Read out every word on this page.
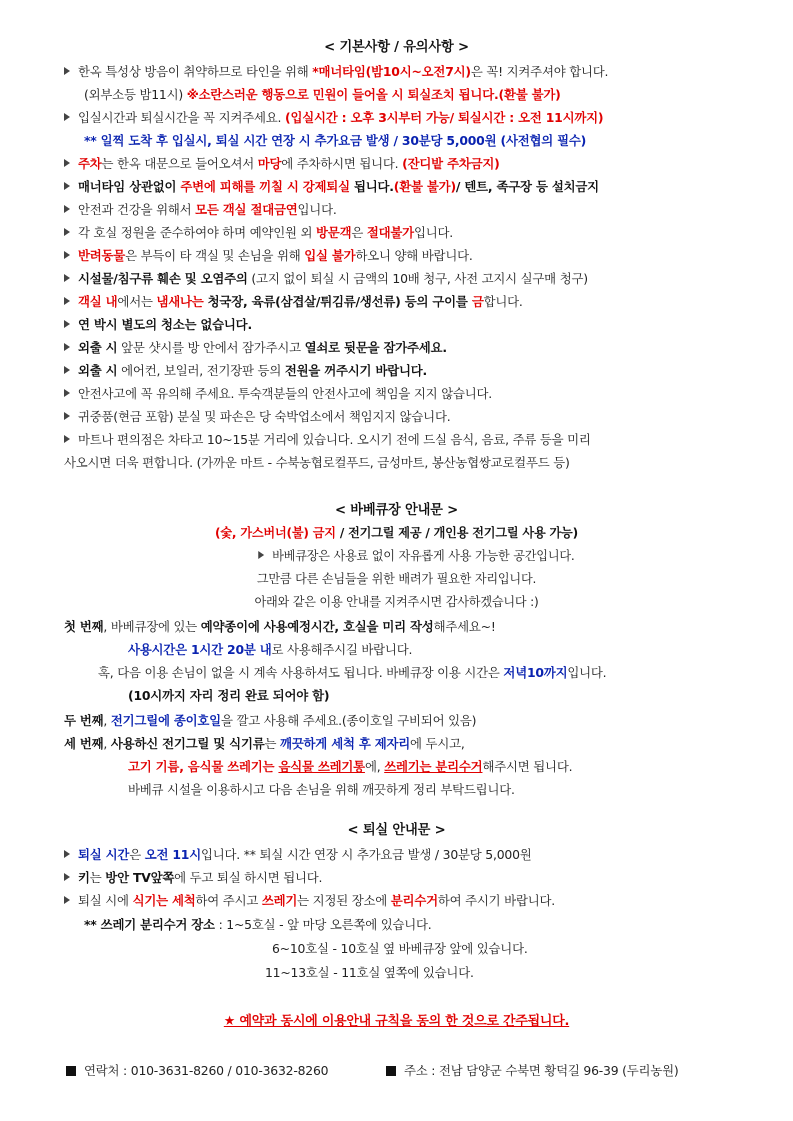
< 기본사항 / 유의사항 >
한옥 특성상 방음이 취약하므로 타인을 위해 *매너타임(밤10시~오전7시)은 꼭! 지켜주셔야 합니다.
(외부소등 밤11시) ※소란스러운 행동으로 민원이 들어올 시 퇴실조치 됩니다.(환불 불가)
입실시간과 퇴실시간을 꼭 지켜주세요. (입실시간 : 오후 3시부터 가능/ 퇴실시간 : 오전 11시까지)
** 일찍 도착 후 입실시, 퇴실 시간 연장 시 추가요금 발생 / 30분당 5,000원 (사전협의 필수)
주차는 한옥 대문으로 들어오셔서 마당에 주차하시면 됩니다. (잔디밭 주차금지)
매너타임 상관없이 주변에 피해를 끼칠 시 강제퇴실 됩니다.(환불 불가)/ 텐트, 족구장 등 설치금지
안전과 건강을 위해서 모든 객실 절대금연입니다.
각 호실 정원을 준수하여야 하며 예약인원 외 방문객은 절대불가입니다.
반려동물은 부득이 타 객실 및 손님을 위해 입실 불가하오니 양해 바랍니다.
시설물/침구류 훼손 및 오염주의 (고지 없이 퇴실 시 금액의 10배 청구, 사전 고지시 실구매 청구)
객실 내에서는 냄새나는 청국장, 육류(삼겹살/튀김류/생선류) 등의 구이를 금합니다.
연 박시 별도의 청소는 없습니다.
외출 시 앞문 샷시를 방 안에서 잠가주시고 열쇠로 뒷문을 잠가주세요.
외출 시 에어컨, 보일러, 전기장판 등의 전원을 꺼주시기 바랍니다.
안전사고에 꼭 유의해 주세요. 투숙객분들의 안전사고에 책임을 지지 않습니다.
귀중품(현금 포함) 분실 및 파손은 당 숙박업소에서 책임지지 않습니다.
마트나 편의점은 차타고 10~15분 거리에 있습니다. 오시기 전에 드실 음식, 음료, 주류 등을 미리
사오시면 더욱 편합니다. (가까운 마트 - 수북농협로컬푸드, 금성마트, 봉산농협쌍교로컬푸드 등)
< 바베큐장 안내문 >
(숯, 가스버너(불) 금지 / 전기그릴 제공 / 개인용 전기그릴 사용 가능)
바베큐장은 사용료 없이 자유롭게 사용 가능한 공간입니다.
그만큼 다른 손님들을 위한 배려가 필요한 자리입니다.
아래와 같은 이용 안내를 지켜주시면 감사하겠습니다 :)
첫 번째, 바베큐장에 있는 예약종이에 사용예정시간, 호실을 미리 작성해주세요~!
사용시간은 1시간 20분 내로 사용해주시길 바랍니다.
혹, 다음 이용 손님이 없을 시 계속 사용하셔도 됩니다. 바베큐장 이용 시간은 저녁10까지입니다.
(10시까지 자리 정리 완료 되어야 함)
두 번째, 전기그릴에 종이호일을 깔고 사용해 주세요.(종이호일 구비되어 있음)
세 번째, 사용하신 전기그릴 및 식기류는 깨끗하게 세척 후 제자리에 두시고,
고기 기름, 음식물 쓰레기는 음식물 쓰레기통에, 쓰레기는 분리수거해주시면 됩니다.
바베큐 시설을 이용하시고 다음 손님을 위해 깨끗하게 정리 부탁드립니다.
< 퇴실 안내문 >
퇴실 시간은 오전 11시입니다. ** 퇴실 시간 연장 시 추가요금 발생 / 30분당 5,000원
키는 방안 TV앞쪽에 두고 퇴실 하시면 됩니다.
퇴실 시에 식기는 세척하여 주시고 쓰레기는 지정된 장소에 분리수거하여 주시기 바랍니다.
** 쓰레기 분리수거 장소 : 1~5호실 - 앞 마당 오른쪽에 있습니다.
6~10호실 - 10호실 옆 바베큐장 앞에 있습니다.
11~13호실 - 11호실 옆쪽에 있습니다.
★ 예약과 동시에 이용안내 규칙을 동의 한 것으로 간주됩니다.
연락처 : 010-3631-8260 / 010-3632-8260	주소 : 전남 담양군 수북면 황덕길 96-39 (두리농원)
